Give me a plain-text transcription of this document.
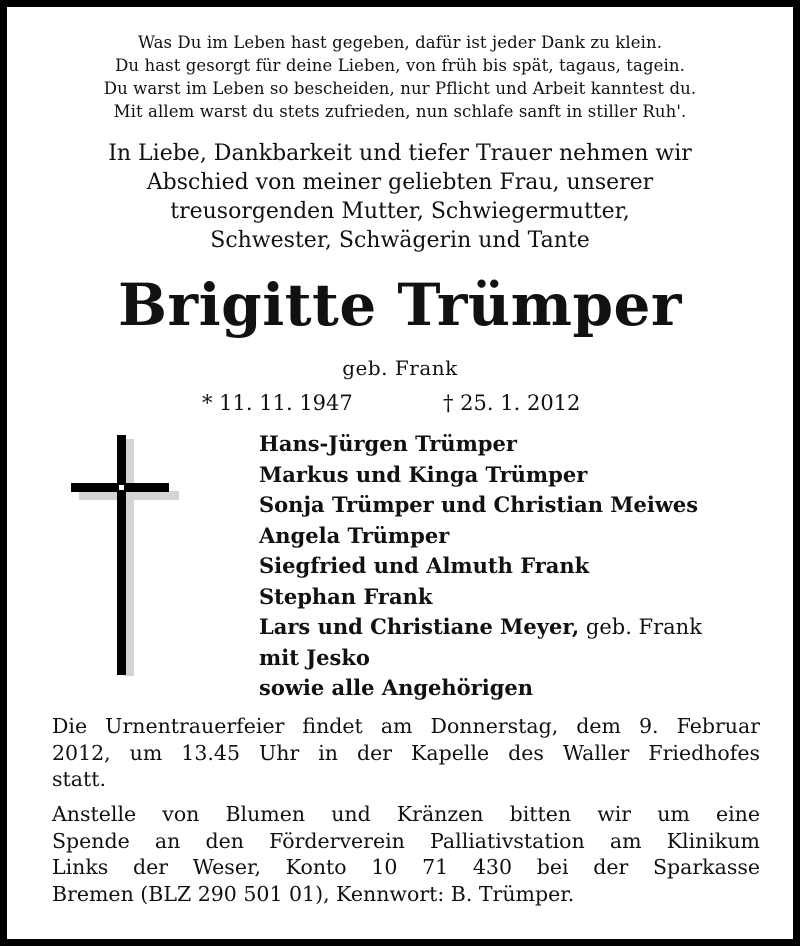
Was Du im Leben hast gegeben, dafür ist jeder Dank zu klein.
Du hast gesorgt für deine Lieben, von früh bis spät, tagaus, tagein.
Du warst im Leben so bescheiden, nur Pflicht und Arbeit kanntest du.
Mit allem warst du stets zufrieden, nun schlafe sanft in stiller Ruh'.
In Liebe, Dankbarkeit und tiefer Trauer nehmen wir
Abschied von meiner geliebten Frau, unserer
treusorgenden Mutter, Schwiegermutter,
Schwester, Schwägerin und Tante
Brigitte Trümper
geb. Frank
* 11. 11. 1947	† 25. 1. 2012
Hans-Jürgen Trümper
Markus und Kinga Trümper
Sonja Trümper und Christian Meiwes
Angela Trümper
Siegfried und Almuth Frank
Stephan Frank
Lars und Christiane Meyer, geb. Frank
mit Jesko
sowie alle Angehörigen
Die Urnentrauerfeier findet am Donnerstag, dem 9. Februar
2012, um 13.45 Uhr in der Kapelle des Waller Friedhofes
statt.
Anstelle von Blumen und Kränzen bitten wir um eine
Spende an den Förderverein Palliativstation am Klinikum
Links der Weser, Konto 10 71 430 bei der Sparkasse
Bremen (BLZ 290 501 01), Kennwort: B. Trümper.
